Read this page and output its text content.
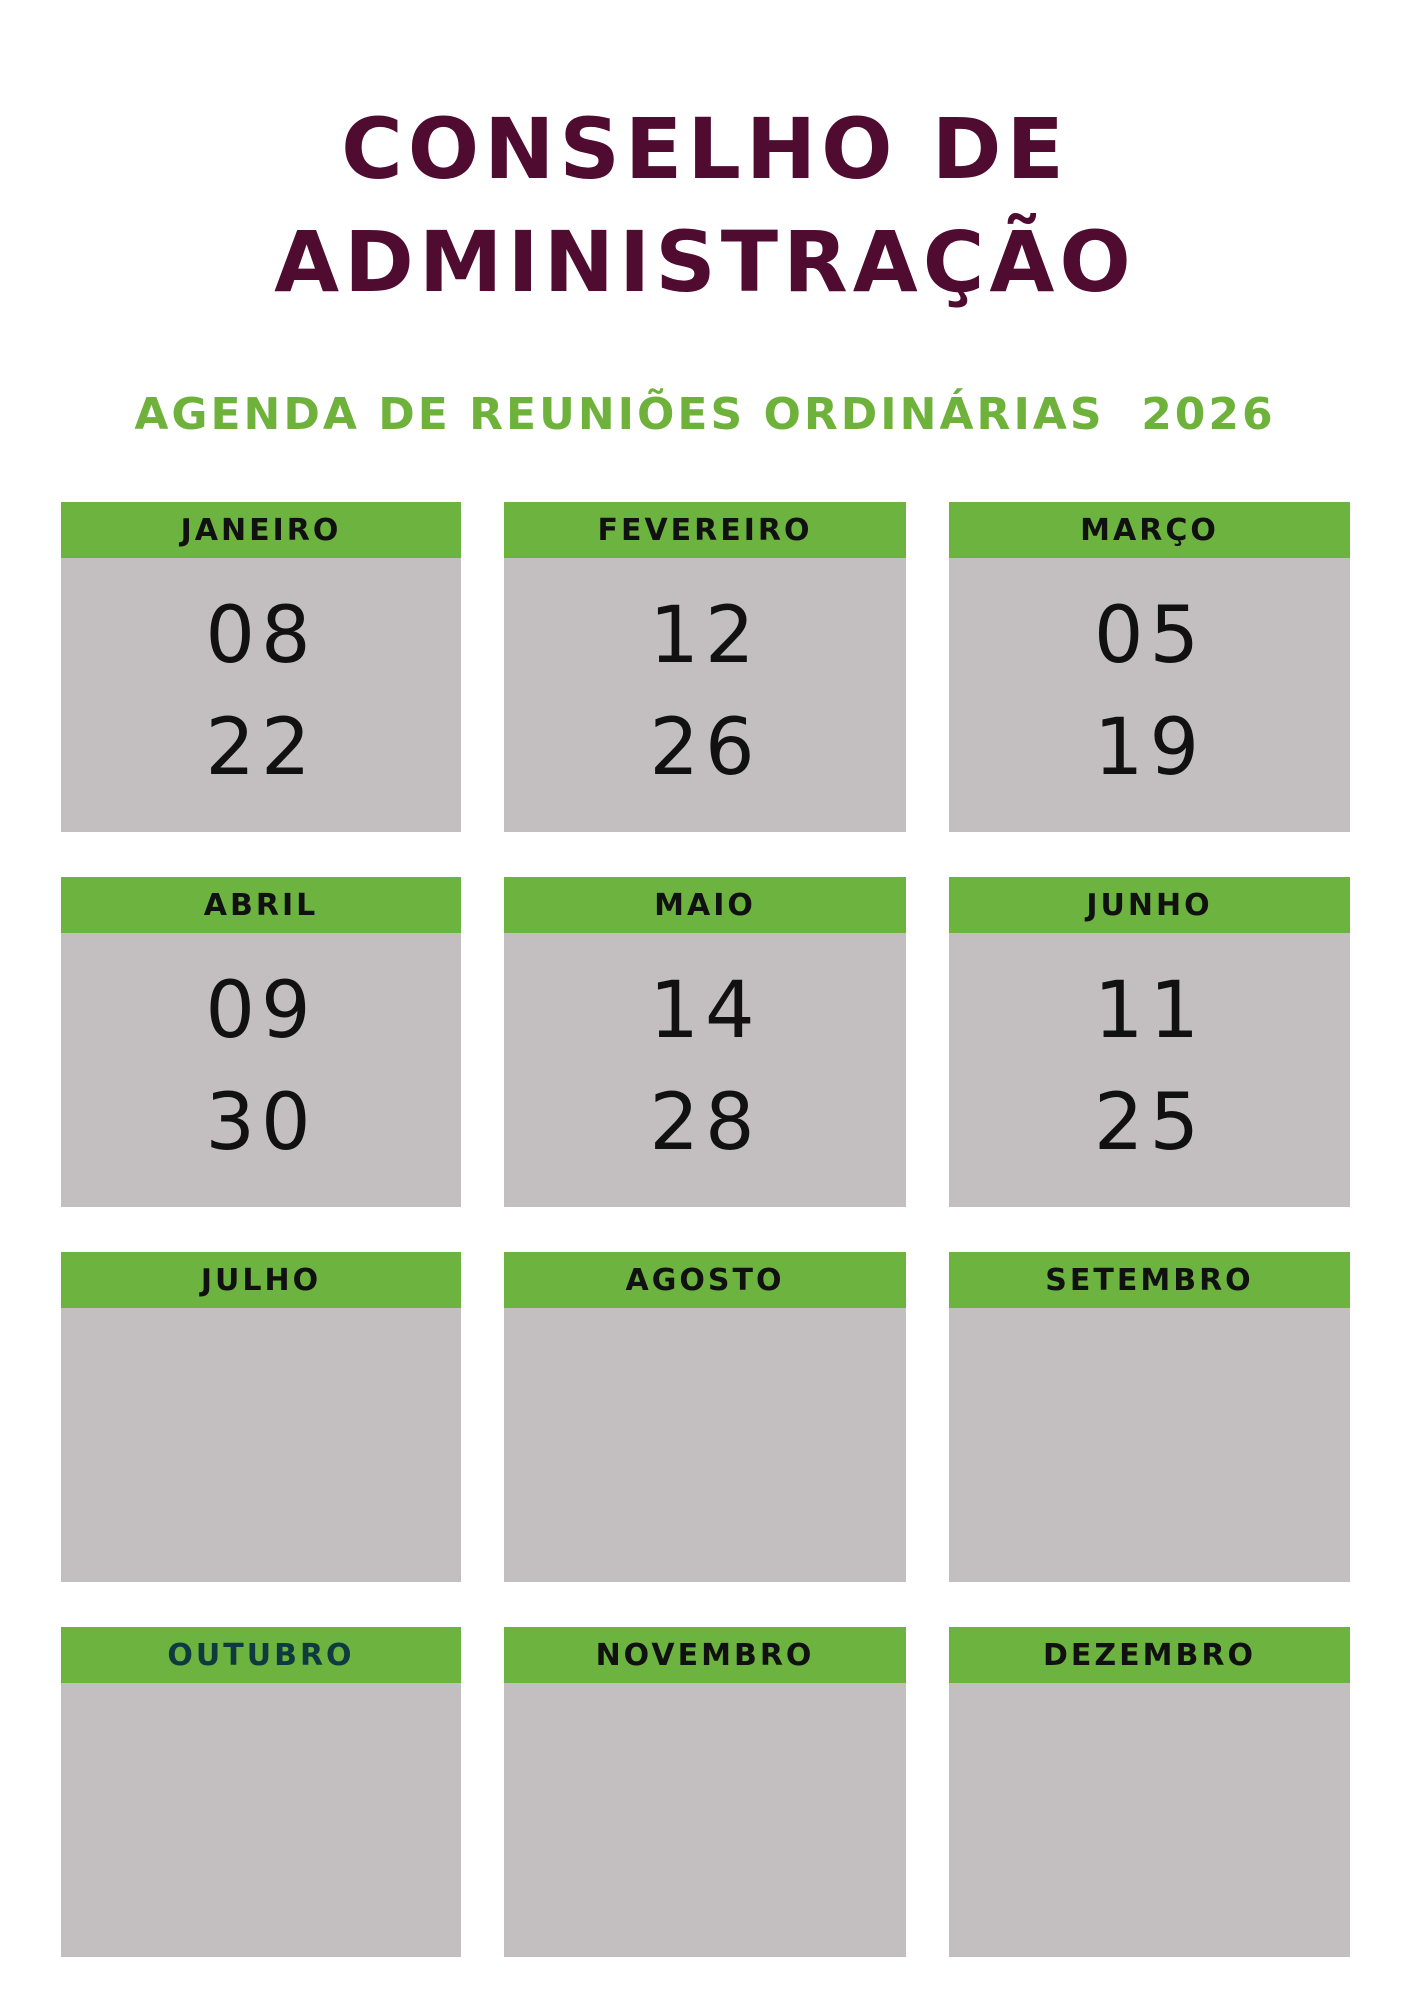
CONSELHO DE
ADMINISTRAÇÃO
AGENDA DE REUNIÕES ORDINÁRIAS  2026
JANEIRO
08
22
FEVEREIRO
12
26
MARÇO
05
19
ABRIL
09
30
MAIO
14
28
JUNHO
11
25
JULHO	AGOSTO	SETEMBRO
OUTUBRO	NOVEMBRO	DEZEMBRO
